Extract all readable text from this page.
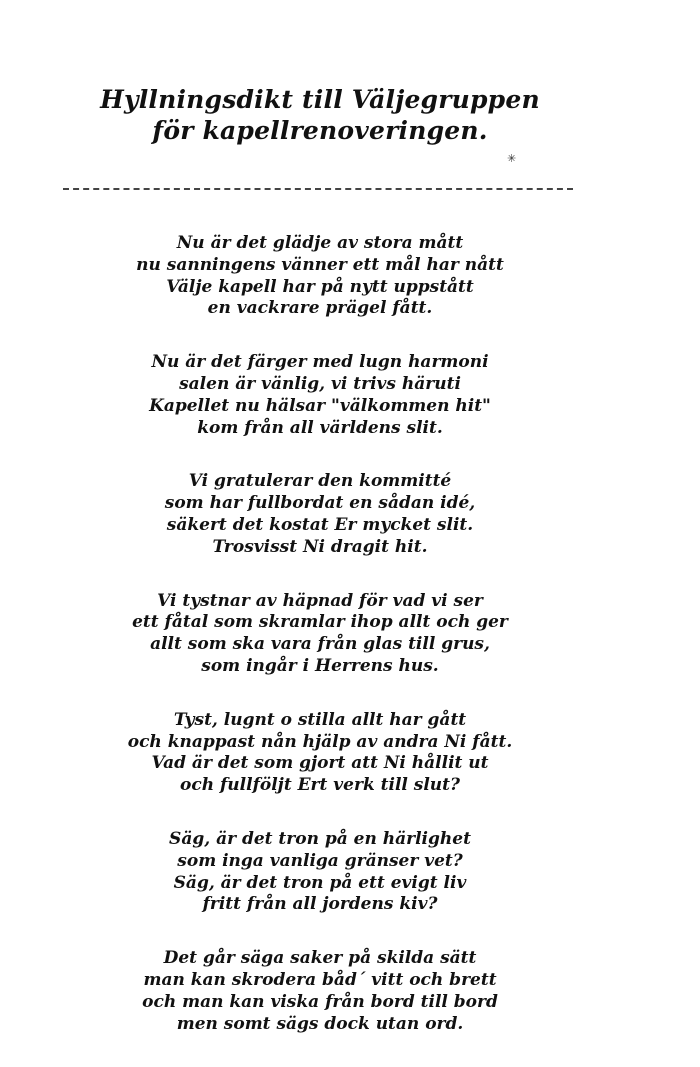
Hyllningsdikt till Väljegruppen
för kapellrenoveringen.
✳
Nu är det glädje av stora mått
nu sanningens vänner ett mål har nått
Välje kapell har på nytt uppstått
en vackrare prägel fått.
Nu är det färger med lugn harmoni
salen är vänlig, vi trivs häruti
Kapellet nu hälsar "välkommen hit"
kom från all världens slit.
Vi gratulerar den kommitté
som har fullbordat en sådan idé,
säkert det kostat Er mycket slit.
Trosvisst Ni dragit hit.
Vi tystnar av häpnad för vad vi ser
ett fåtal som skramlar ihop allt och ger
allt som ska vara från glas till grus,
som ingår i Herrens hus.
Tyst, lugnt o stilla allt har gått
och knappast nån hjälp av andra Ni fått.
Vad är det som gjort att Ni hållit ut
och fullföljt Ert verk till slut?
Säg, är det tron på en härlighet
som inga vanliga gränser vet?
Säg, är det tron på ett evigt liv
fritt från all jordens kiv?
Det går säga saker på skilda sätt
man kan skrodera båd´ vitt och brett
och man kan viska från bord till bord
men somt sägs dock utan ord.
